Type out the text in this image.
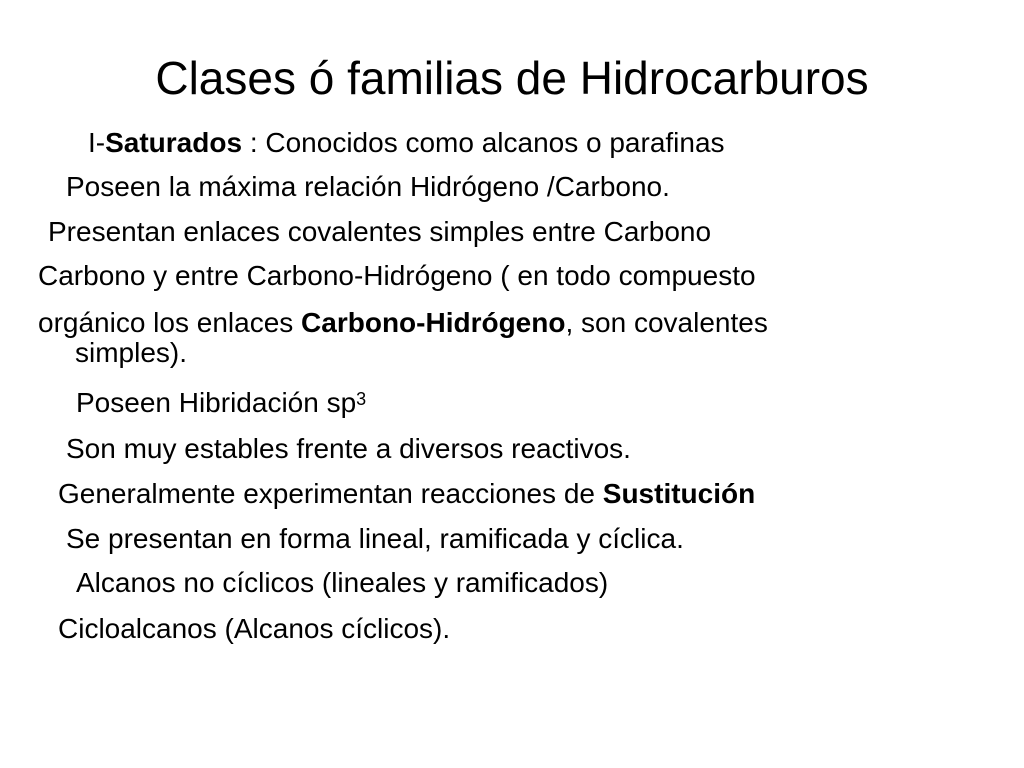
Clases ó familias de Hidrocarburos
I-Saturados : Conocidos como alcanos o parafinas
Poseen la máxima relación Hidrógeno /Carbono.
Presentan enlaces covalentes simples entre Carbono
Carbono y entre Carbono-Hidrógeno ( en todo compuesto
orgánico los enlaces Carbono-Hidrógeno, son covalentes
simples).
Poseen Hibridación $sp^3$
Son muy estables frente a diversos reactivos.
Generalmente experimentan reacciones de Sustitución
Se presentan en forma lineal, ramificada y cíclica.
Alcanos no cíclicos (lineales y ramificados)
Cicloalcanos (Alcanos cíclicos).
